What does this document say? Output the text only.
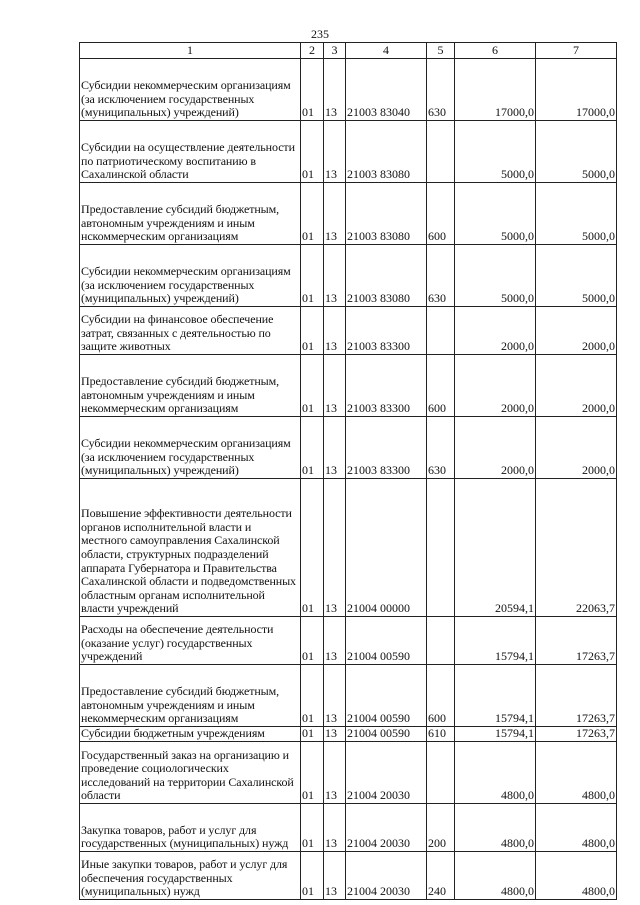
235
1	2	3	4	5	6	7
Субсидии некоммерческим организациям (за исключением государственных (муниципальных) учреждений)	01	13	21003 83040	630	17000,0	17000,0
Субсидии на осуществление деятельности по патриотическому воспитанию в Сахалинской области	01	13	21003 83080		5000,0	5000,0
Предоставление субсидий бюджетным, автономным учреждениям и иным нскоммерческим организациям	01	13	21003 83080	600	5000,0	5000,0
Субсидии некоммерческим организациям (за исключением государственных (муниципальных) учреждений)	01	13	21003 83080	630	5000,0	5000,0
Субсидии на финансовое обеспечение затрат, связанных с деятельностью по защите животных	01	13	21003 83300		2000,0	2000,0
Предоставление субсидий бюджетным, автономным учреждениям и иным некоммерческим организациям	01	13	21003 83300	600	2000,0	2000,0
Субсидии некоммерческим организациям (за исключением государственных (муниципальных) учреждений)	01	13	21003 83300	630	2000,0	2000,0
Повышение эффективности деятельности органов исполнительной власти и местного самоуправления Сахалинской области, структурных подразделений аппарата Губернатора и Правительства Сахалинской области и подведомственных областным органам исполнительной власти учреждений	01	13	21004 00000		20594,1	22063,7
Расходы на обеспечение деятельности (оказание услуг) государственных учреждений	01	13	21004 00590		15794,1	17263,7
Предоставление субсидий бюджетным, автономным учреждениям и иным некоммерческим организациям	01	13	21004 00590	600	15794,1	17263,7
Субсидии бюджетным учреждениям	01	13	21004 00590	610	15794,1	17263,7
Государственный заказ на организацию и проведение социологических исследований на территории Сахалинской области	01	13	21004 20030		4800,0	4800,0
Закупка товаров, работ и услуг для государственных (муниципальных) нужд	01	13	21004 20030	200	4800,0	4800,0
Иные закупки товаров, работ и услуг для обеспечения государственных (муниципальных) нужд	01	13	21004 20030	240	4800,0	4800,0
